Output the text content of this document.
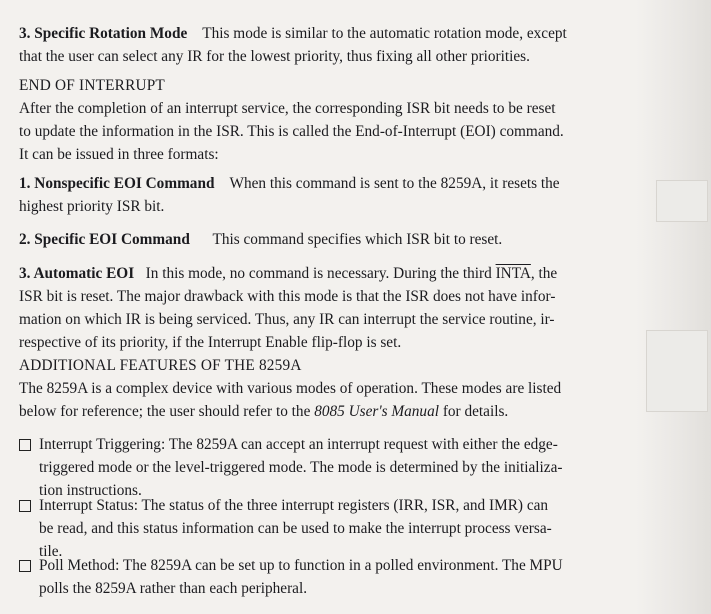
3. Specific Rotation Mode This mode is similar to the automatic rotation mode, except
that the user can select any IR for the lowest priority, thus fixing all other priorities.

END OF INTERRUPT

After the completion of an interrupt service, the corresponding ISR bit needs to be reset
to update the information in the ISR. This is called the End-of-Interrupt (EOI) command.
It can be issued in three formats:

1. Nonspecific EOI Command When this command is sent to the 8259A, it resets the
highest priority ISR bit.

2. Specific EOI Command This command specifies which ISR bit to reset.

3. Automatic EOI In this mode, no command is necessary. During the third INTA, the
ISR bit is reset. The major drawback with this mode is that the ISR does not have infor-
mation on which IR is being serviced. Thus, any IR can interrupt the service routine, ir-
respective of its priority, if the Interrupt Enable flip-flop is set.

ADDITIONAL FEATURES OF THE 8259A

The 8259A is a complex device with various modes of operation. These modes are listed
below for reference; the user should refer to the 8085 User's Manual for details.

Interrupt Triggering: The 8259A can accept an interrupt request with either the edge-
triggered mode or the level-triggered mode. The mode is determined by the initializa-
tion instructions.
Interrupt Status: The status of the three interrupt registers (IRR, ISR, and IMR) can
be read, and this status information can be used to make the interrupt process versa-
tile.
Poll Method: The 8259A can be set up to function in a polled environment. The MPU
polls the 8259A rather than each peripheral.
